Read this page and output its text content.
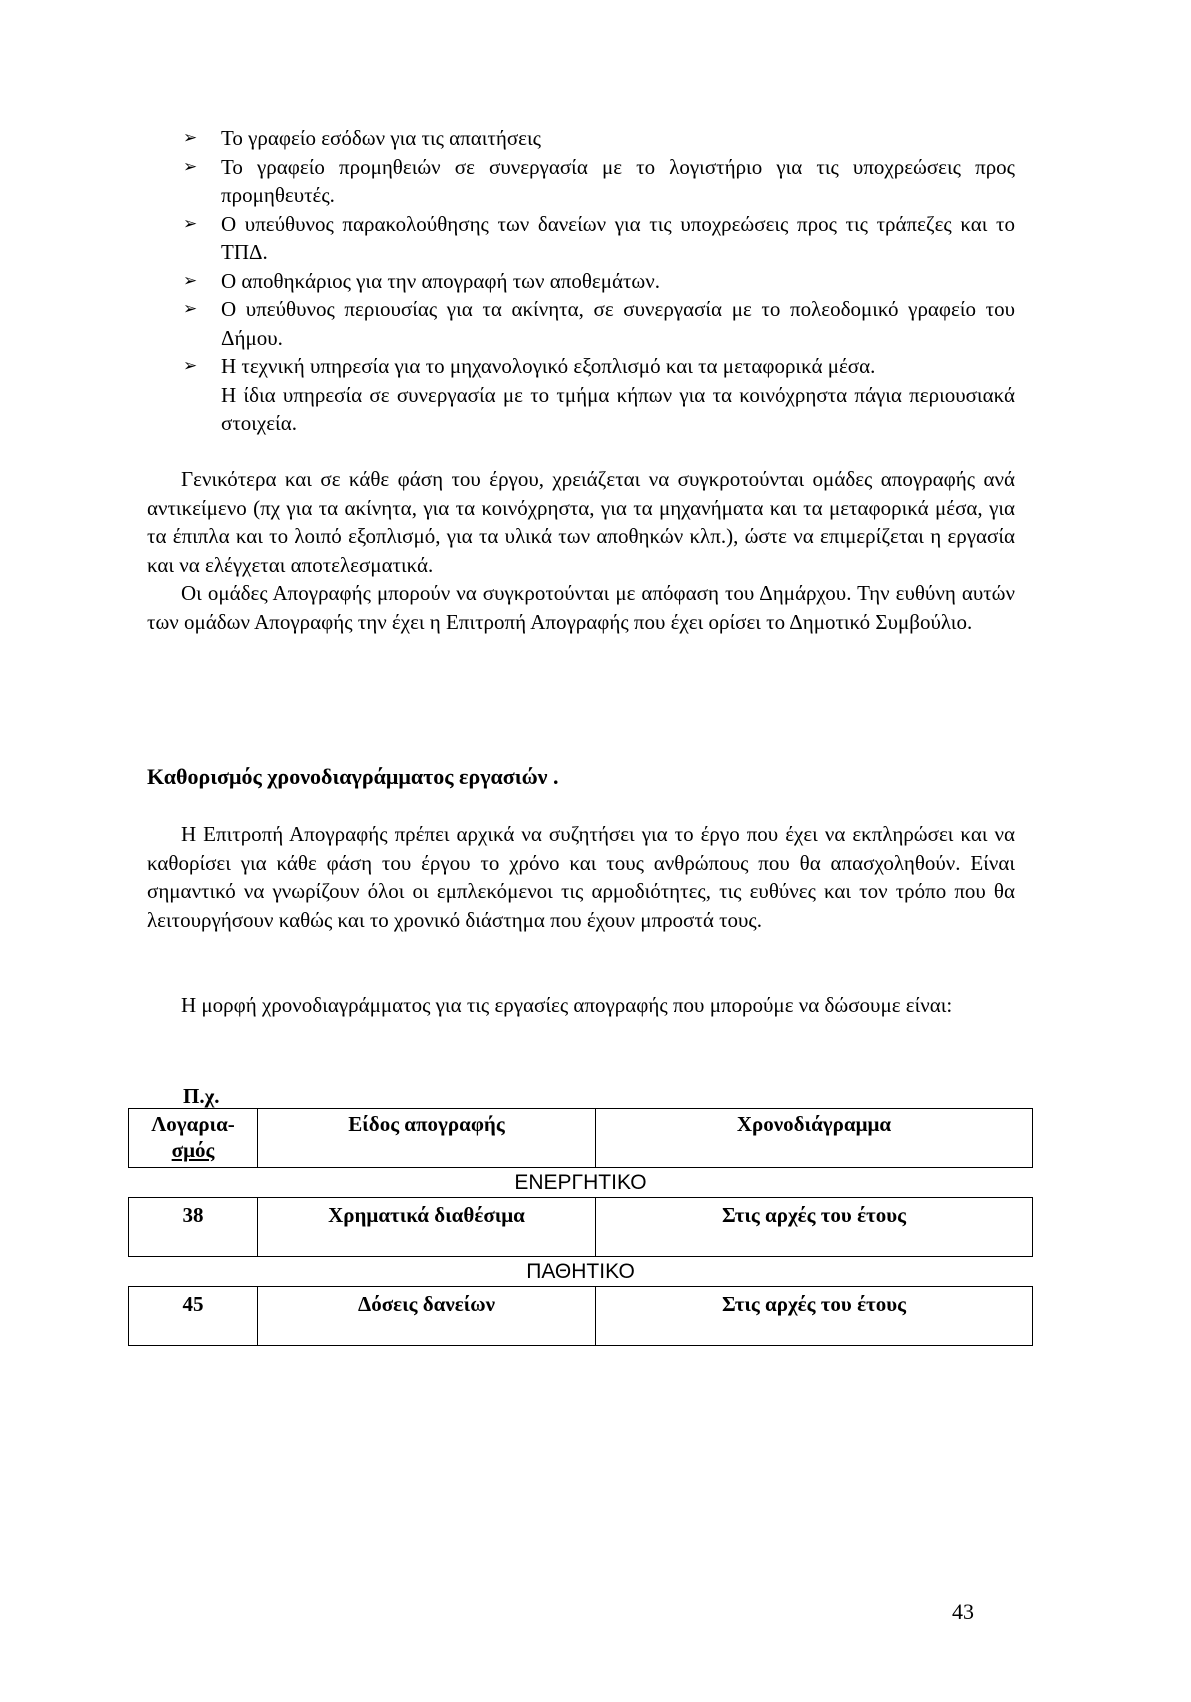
➢ Το γραφείο εσόδων για τις απαιτήσεις
➢ Το γραφείο προμηθειών σε συνεργασία με το λογιστήριο για τις υποχρεώσεις προς προμηθευτές.
➢ Ο υπεύθυνος παρακολούθησης των δανείων για τις υποχρεώσεις προς τις τράπεζες και το ΤΠΔ.
➢ Ο αποθηκάριος για την απογραφή των αποθεμάτων.
➢ Ο υπεύθυνος περιουσίας για τα ακίνητα, σε συνεργασία με το πολεοδομικό γραφείο του Δήμου.
➢ Η τεχνική υπηρεσία για το μηχανολογικό εξοπλισμό και τα μεταφορικά μέσα.
Η ίδια υπηρεσία σε συνεργασία με το τμήμα κήπων για τα κοινόχρηστα πάγια περιουσιακά στοιχεία.

Γενικότερα και σε κάθε φάση του έργου, χρειάζεται να συγκροτούνται ομάδες απογραφής ανά αντικείμενο (πχ για τα ακίνητα, για τα κοινόχρηστα, για τα μηχανήματα και τα μεταφορικά μέσα, για τα έπιπλα και το λοιπό εξοπλισμό, για τα υλικά των αποθηκών κλπ.), ώστε να επιμερίζεται η εργασία και να ελέγχεται αποτελεσματικά.

Οι ομάδες Απογραφής μπορούν να συγκροτούνται με απόφαση του Δημάρχου. Την ευθύνη αυτών των ομάδων Απογραφής την έχει η Επιτροπή Απογραφής που έχει ορίσει το Δημοτικό Συμβούλιο.

Καθορισμός χρονοδιαγράμματος εργασιών .

Η Επιτροπή Απογραφής πρέπει αρχικά να συζητήσει για το έργο που έχει να εκπληρώσει και να καθορίσει για κάθε φάση του έργου το χρόνο και τους ανθρώπους που θα απασχοληθούν. Είναι σημαντικό να γνωρίζουν όλοι οι εμπλεκόμενοι τις αρμοδιότητες, τις ευθύνες και τον τρόπο που θα λειτουργήσουν καθώς και το χρονικό διάστημα που έχουν μπροστά τους.

Η μορφή χρονοδιαγράμματος για τις εργασίες απογραφής που μπορούμε να δώσουμε είναι:

Π.χ.
Λογαρια-
σμός	Είδος απογραφής	Χρονοδιάγραμμα
ΕΝΕΡΓΗΤΙΚΟ		
38	Χρηματικά διαθέσιμα	Στις αρχές του έτους
ΠΑΘΗΤΙΚΟ		
45	Δόσεις δανείων	Στις αρχές του έτους
43
